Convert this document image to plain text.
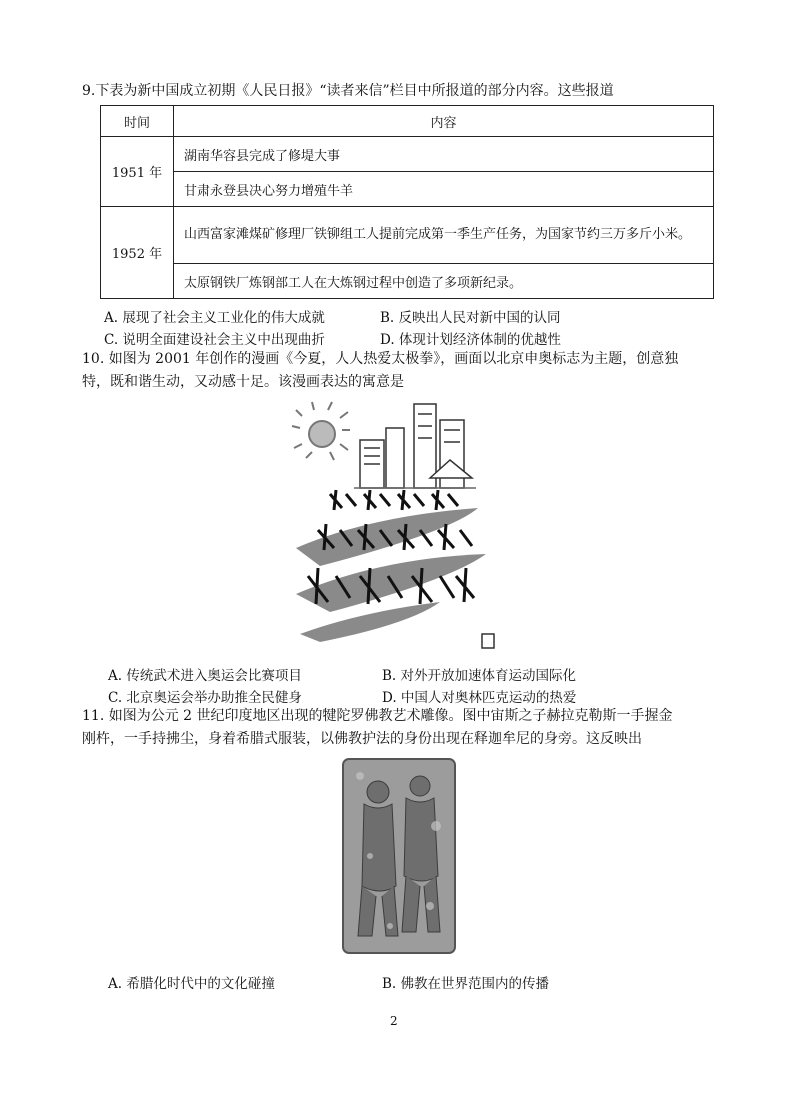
9.下表为新中国成立初期《人民日报》“读者来信”栏目中所报道的部分内容。这些报道
时间	内容
1951 年	湖南华容县完成了修堤大事
	甘肃永登县决心努力增殖牛羊
1952 年	山西富家滩煤矿修理厂铁铆组工人提前完成第一季生产任务，为国家节约三万多斤小米。
	太原钢铁厂炼钢部工人在大炼钢过程中创造了多项新纪录。
A. 展现了社会主义工业化的伟大成就	B. 反映出人民对新中国的认同
C. 说明全面建设社会主义中出现曲折	D. 体现计划经济体制的优越性
10. 如图为 2001 年创作的漫画《今夏，人人热爱太极拳》，画面以北京申奥标志为主题，创意独
特，既和谐生动，又动感十足。该漫画表达的寓意是
A. 传统武术进入奥运会比赛项目	B. 对外开放加速体育运动国际化
C. 北京奥运会举办助推全民健身	D. 中国人对奥林匹克运动的热爱
11. 如图为公元 2 世纪印度地区出现的犍陀罗佛教艺术雕像。图中宙斯之子赫拉克勒斯一手握金
刚杵，一手持拂尘，身着希腊式服装，以佛教护法的身份出现在释迦牟尼的身旁。这反映出
A. 希腊化时代中的文化碰撞	B. 佛教在世界范围内的传播
2
